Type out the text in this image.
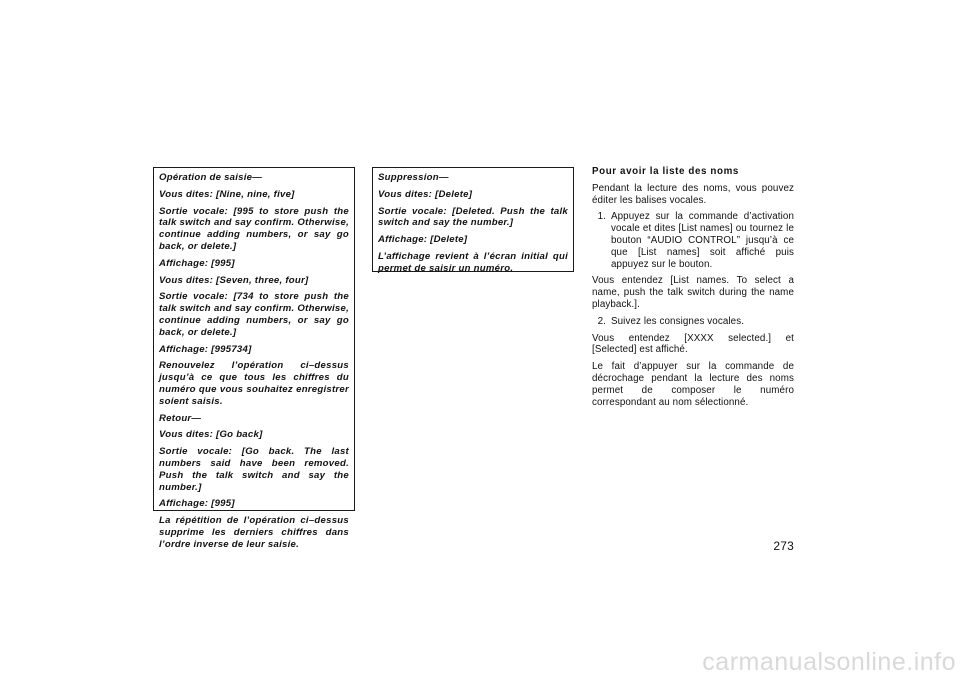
Opération de saisie—

Vous dites: [Nine, nine, five]

Sortie vocale: [995 to store push the talk switch and say confirm. Otherwise, continue adding numbers, or say go back, or delete.]

Affichage: [995]

Vous dites: [Seven, three, four]

Sortie vocale: [734 to store push the talk switch and say confirm. Otherwise, continue adding numbers, or say go back, or delete.]

Affichage: [995734]

Renouvelez l’opération ci–dessus jusqu’à ce que tous les chiffres du numéro que vous souhaitez enregistrer soient saisis.

Retour—

Vous dites: [Go back]

Sortie vocale: [Go back. The last numbers said have been removed. Push the talk switch and say the number.]

Affichage: [995]

La répétition de l’opération ci–dessus supprime les derniers chiffres dans l’ordre inverse de leur saisie.

Suppression—

Vous dites: [Delete]

Sortie vocale: [Deleted. Push the talk switch and say the number.]

Affichage: [Delete]

L’affichage revient à l’écran initial qui permet de saisir un numéro.

Pour avoir la liste des noms

Pendant la lecture des noms, vous pouvez éditer les balises vocales.

1. Appuyez sur la commande d’activation vocale et dites [List names] ou tournez le bouton “AUDIO CONTROL” jusqu’à ce que [List names] soit affiché puis appuyez sur le bouton.

Vous entendez [List names. To select a name, push the talk switch during the name playback.].

2. Suivez les consignes vocales.

Vous entendez [XXXX selected.] et [Selected] est affiché.

Le fait d’appuyer sur la commande de décrochage pendant la lecture des noms permet de composer le numéro correspondant au nom sélectionné.

273
carmanualsonline.info
